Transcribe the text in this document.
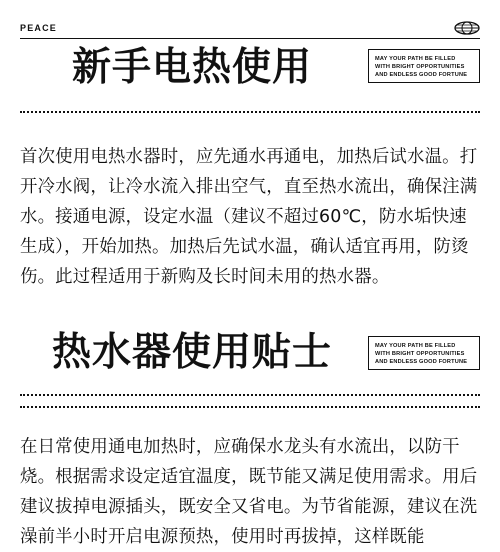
PEACE
新手电热使用	MAY YOUR PATH BE FILLED
WITH BRIGHT OPPORTUNITIES
AND ENDLESS GOOD FORTUNE

首次使用电热水器时，应先通水再通电，加热后试水温。打开冷水阀，让冷水流入排出空气，直至热水流出，确保注满水。接通电源，设定水温（建议不超过60℃，防水垢快速生成），开始加热。加热后先试水温，确认适宜再用，防烫伤。此过程适用于新购及长时间未用的热水器。

热水器使用贴士	MAY YOUR PATH BE FILLED
WITH BRIGHT OPPORTUNITIES
AND ENDLESS GOOD FORTUNE

在日常使用通电加热时，应确保水龙头有水流出，以防干烧。根据需求设定适宜温度，既节能又满足使用需求。用后建议拔掉电源插头，既安全又省电。为节省能源，建议在洗澡前半小时开启电源预热，使用时再拔掉，这样既能
